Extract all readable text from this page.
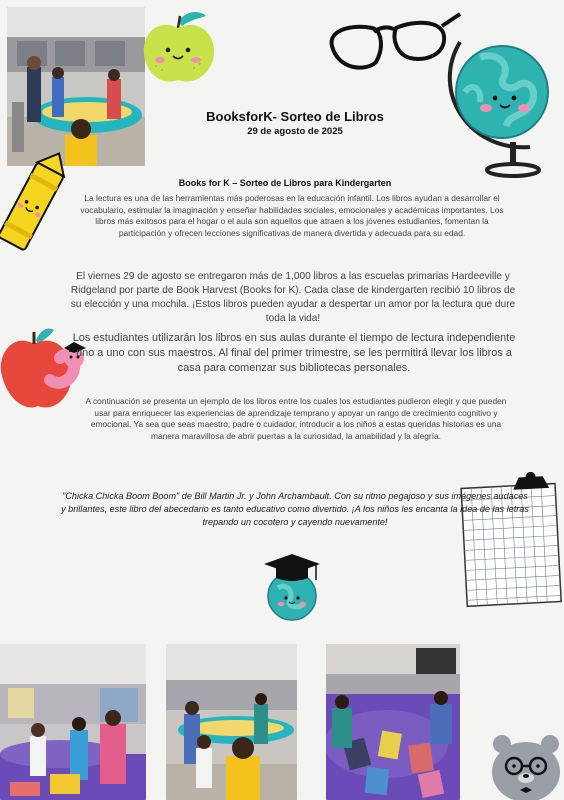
BooksforK- Sorteo de Libros
29 de agosto de 2025
Books for K – Sorteo de Libros para Kindergarten
La lectura es una de las herramientas más poderosas en la educación infantil. Los libros ayudan a desarrollar el vocabulario, estimular la imaginación y enseñar habilidades sociales, emocionales y académicas importantes. Los libros más exitosos para el hogar o el aula son aquellos que atraen a los jóvenes estudiantes, fomentan la participación y ofrecen lecciones significativas de manera divertida y adecuada para su edad.
El viernes 29 de agosto se entregaron más de 1,000 libros a las escuelas primarias Hardeeville y Ridgeland por parte de Book Harvest (Books for K). Cada clase de kindergarten recibió 10 libros de su elección y una mochila. ¡Estos libros pueden ayudar a despertar un amor por la lectura que dure toda la vida!
Los estudiantes utilizarán los libros en sus aulas durante el tiempo de lectura independiente uno a uno con sus maestros. Al final del primer trimestre, se les permitirá llevar los libros a casa para comenzar sus bibliotecas personales.
A continuación se presenta un ejemplo de los libros entre los cuales los estudiantes pudieron elegir y que pueden usar para enriquecer las experiencias de aprendizaje temprano y apoyar un rango de crecimiento cognitivo y emocional. Ya sea que seas maestro, padre o cuidador, introducir a los niños a estas queridas historias es una manera maravillosa de abrir puertas a la curiosidad, la amabilidad y la alegría.
"Chicka Chicka Boom Boom" de Bill Martin Jr. y John Archambault. Con su ritmo pegajoso y sus imágenes audaces y brillantes, este libro del abecedario es tanto educativo como divertido. ¡A los niños les encanta la idea de las letras trepando un cocotero y cayendo nuevamente!
